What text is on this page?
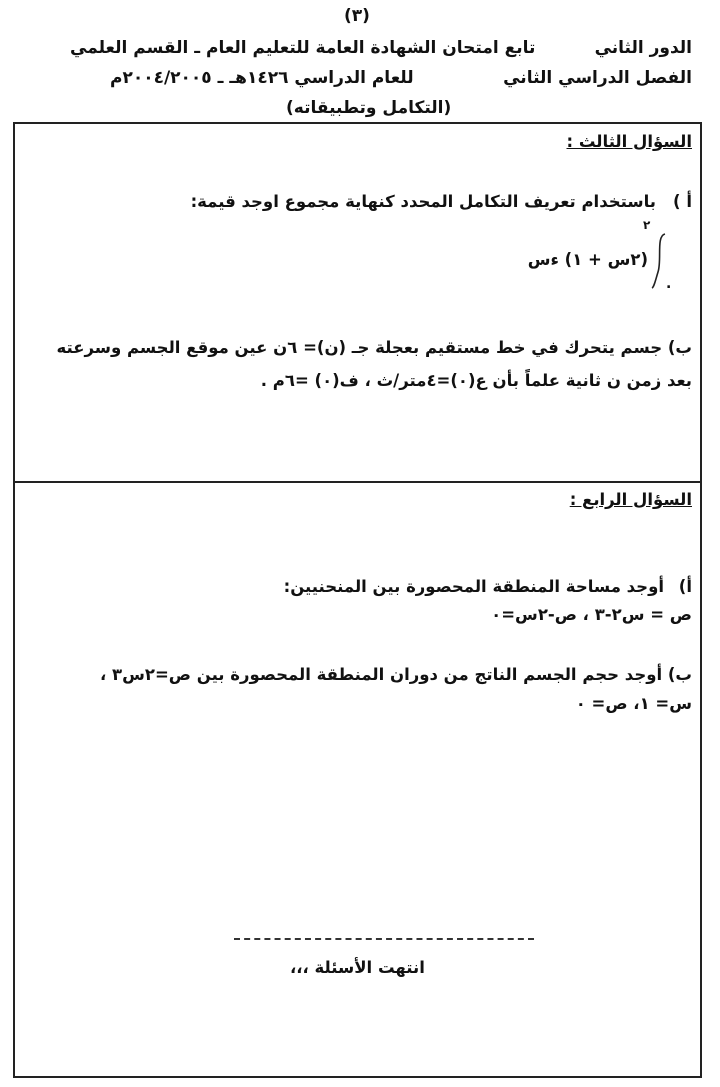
(٣)
الدور الثاني
تابع امتحان الشهادة العامة للتعليم العام ـ القسم العلمي
الفصل الدراسي الثاني
للعام الدراسي ١٤٢٦هـ ـ ٢٠٠٤/٢٠٠٥م
(التكامل وتطبيقاته)
السؤال الثالث :
أ )
باستخدام تعريف التكامل المحدد كنهاية مجموع اوجد قيمة:
٢
.
(٢س + ١) ءس
ب) جسم يتحرك في خط مستقيم بعجلة جـ (ن)= ٦ن عين موقع الجسم وسرعته
بعد زمن ن ثانية علماً بأن ع(٠)=٤متر/ث ، ف(٠) =٦م .
السؤال الرابع :
أ)
أوجد مساحة المنطقة المحصورة بين المنحنيين:
ص = س٢-٣ ، ص-٢س=٠
ب) أوجد حجم الجسم الناتج من دوران المنطقة المحصورة بين ص=٢س٣ ،
س= ١، ص= ٠
انتهت الأسئلة ،،،
